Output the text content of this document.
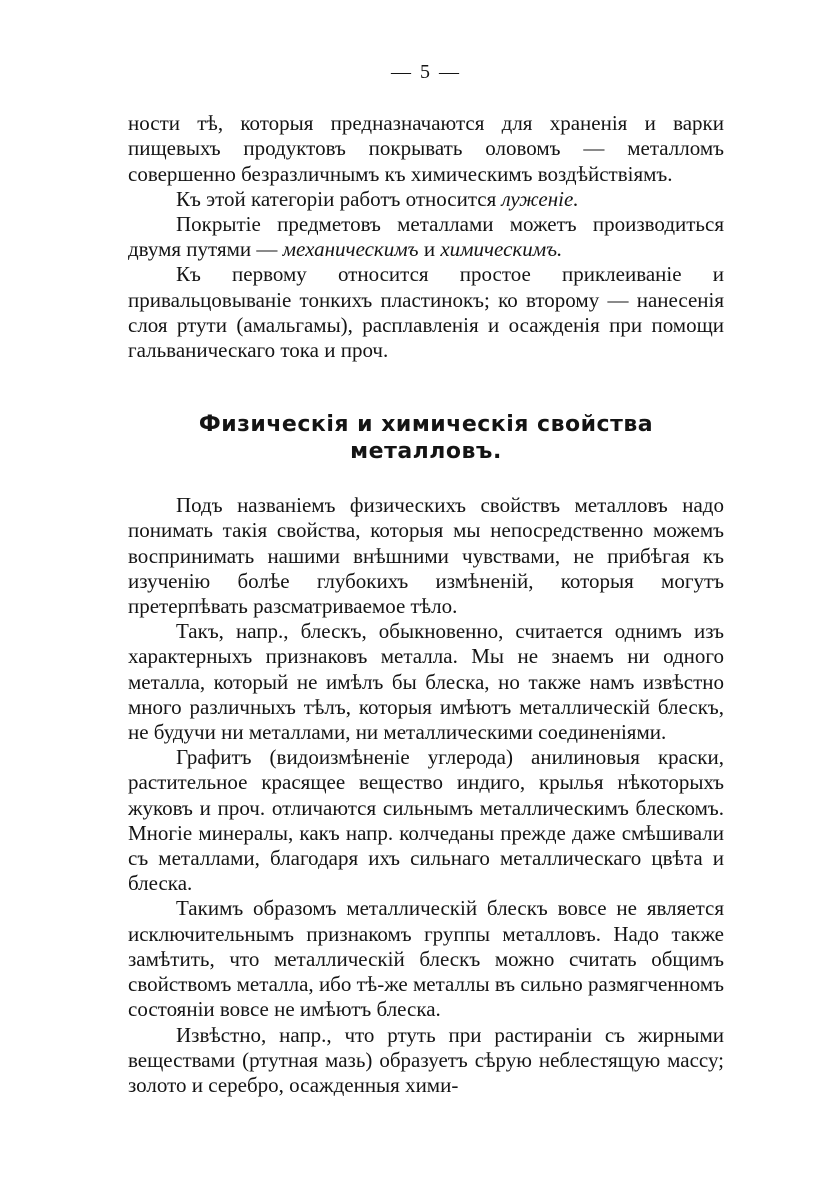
— 5 —

ности тѣ, которыя предназначаются для храненія и варки пищевыхъ продуктовъ покрывать оловомъ — металломъ совершенно безразличнымъ къ химическимъ воздѣйствіямъ.

Къ этой категоріи работъ относится луженіе.

Покрытіе предметовъ металлами можетъ производиться двумя путями — механическимъ и химическимъ.

Къ первому относится простое приклеиваніе и привальцовываніе тонкихъ пластинокъ; ко второму — нанесенія слоя ртути (амальгамы), расплавленія и осажденія при помощи гальваническаго тока и проч.

Физическія и химическія свойства металловъ.

Подъ названіемъ физическихъ свойствъ металловъ надо понимать такія свойства, которыя мы непосредственно можемъ воспринимать нашими внѣшними чувствами, не прибѣгая къ изученію болѣе глубокихъ измѣненій, которыя могутъ претерпѣвать разсматриваемое тѣло.

Такъ, напр., блескъ, обыкновенно, считается однимъ изъ характерныхъ признаковъ металла. Мы не знаемъ ни одного металла, который не имѣлъ бы блеска, но также намъ извѣстно много различныхъ тѣлъ, которыя имѣютъ металлическій блескъ, не будучи ни металлами, ни металлическими соединеніями.

Графитъ (видоизмѣненіе углерода) анилиновыя краски, растительное красящее вещество индиго, крылья нѣкоторыхъ жуковъ и проч. отличаются сильнымъ металлическимъ блескомъ. Многіе минералы, какъ напр. колчеданы прежде даже смѣшивали съ металлами, благодаря ихъ сильнаго металлическаго цвѣта и блеска.

Такимъ образомъ металлическій блескъ вовсе не является исключительнымъ признакомъ группы металловъ. Надо также замѣтить, что металлическій блескъ можно считать общимъ свойствомъ металла, ибо тѣ-же металлы въ сильно размягченномъ состояніи вовсе не имѣютъ блеска.

Извѣстно, напр., что ртуть при растираніи съ жирными веществами (ртутная мазь) образуетъ сѣрую неблестящую массу; золото и серебро, осажденныя хими-
